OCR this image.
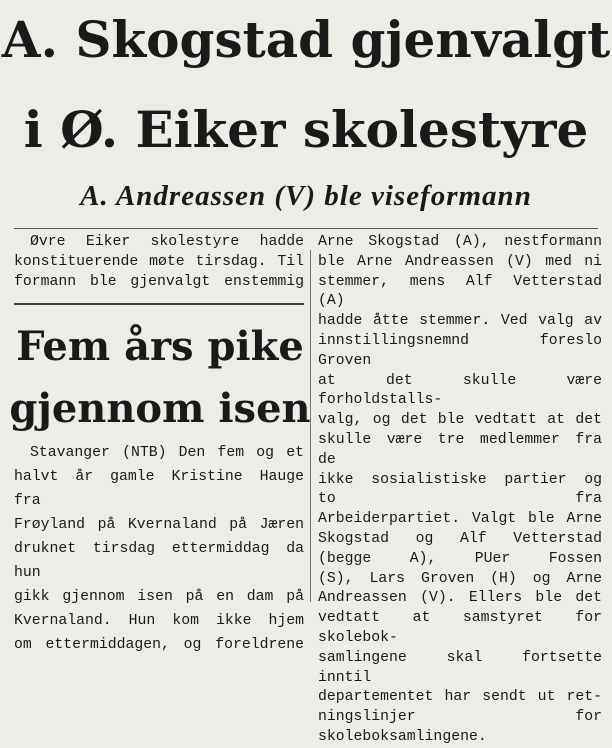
A. Skogstad gjenvalgt
i Ø. Eiker skolestyre
A. Andreassen (V) ble viseformann

Øvre Eiker skolestyre hadde

konstituerende møte tirsdag. Til

formann ble gjenvalgt enstemmig

Fem års pike
gjennom isen

Stavanger (NTB) Den fem og et

halvt år gamle Kristine Hauge fra

Frøyland på Kvernaland på Jæren

druknet tirsdag ettermiddag da hun

gikk gjennom isen på en dam på

Kvernaland. Hun kom ikke hjem

om ettermiddagen, og foreldrene

Arne Skogstad (A), nestformann

ble Arne Andreassen (V) med ni

stemmer, mens Alf Vetterstad (A)

hadde åtte stemmer. Ved valg av

innstillingsnemnd foreslo Groven

at det skulle være forholdstalls-

valg, og det ble vedtatt at det

skulle være tre medlemmer fra de

ikke sosialistiske partier og to fra

Arbeiderpartiet. Valgt ble Arne

Skogstad og Alf Vetterstad

(begge A), PUer Fossen

(S), Lars Groven (H) og Arne

Andreassen (V). Ellers ble det

vedtatt at samstyret for skolebok-

samlingene skal fortsette inntil

departementet har sendt ut ret-

ningslinjer for skoleboksamlingene.
